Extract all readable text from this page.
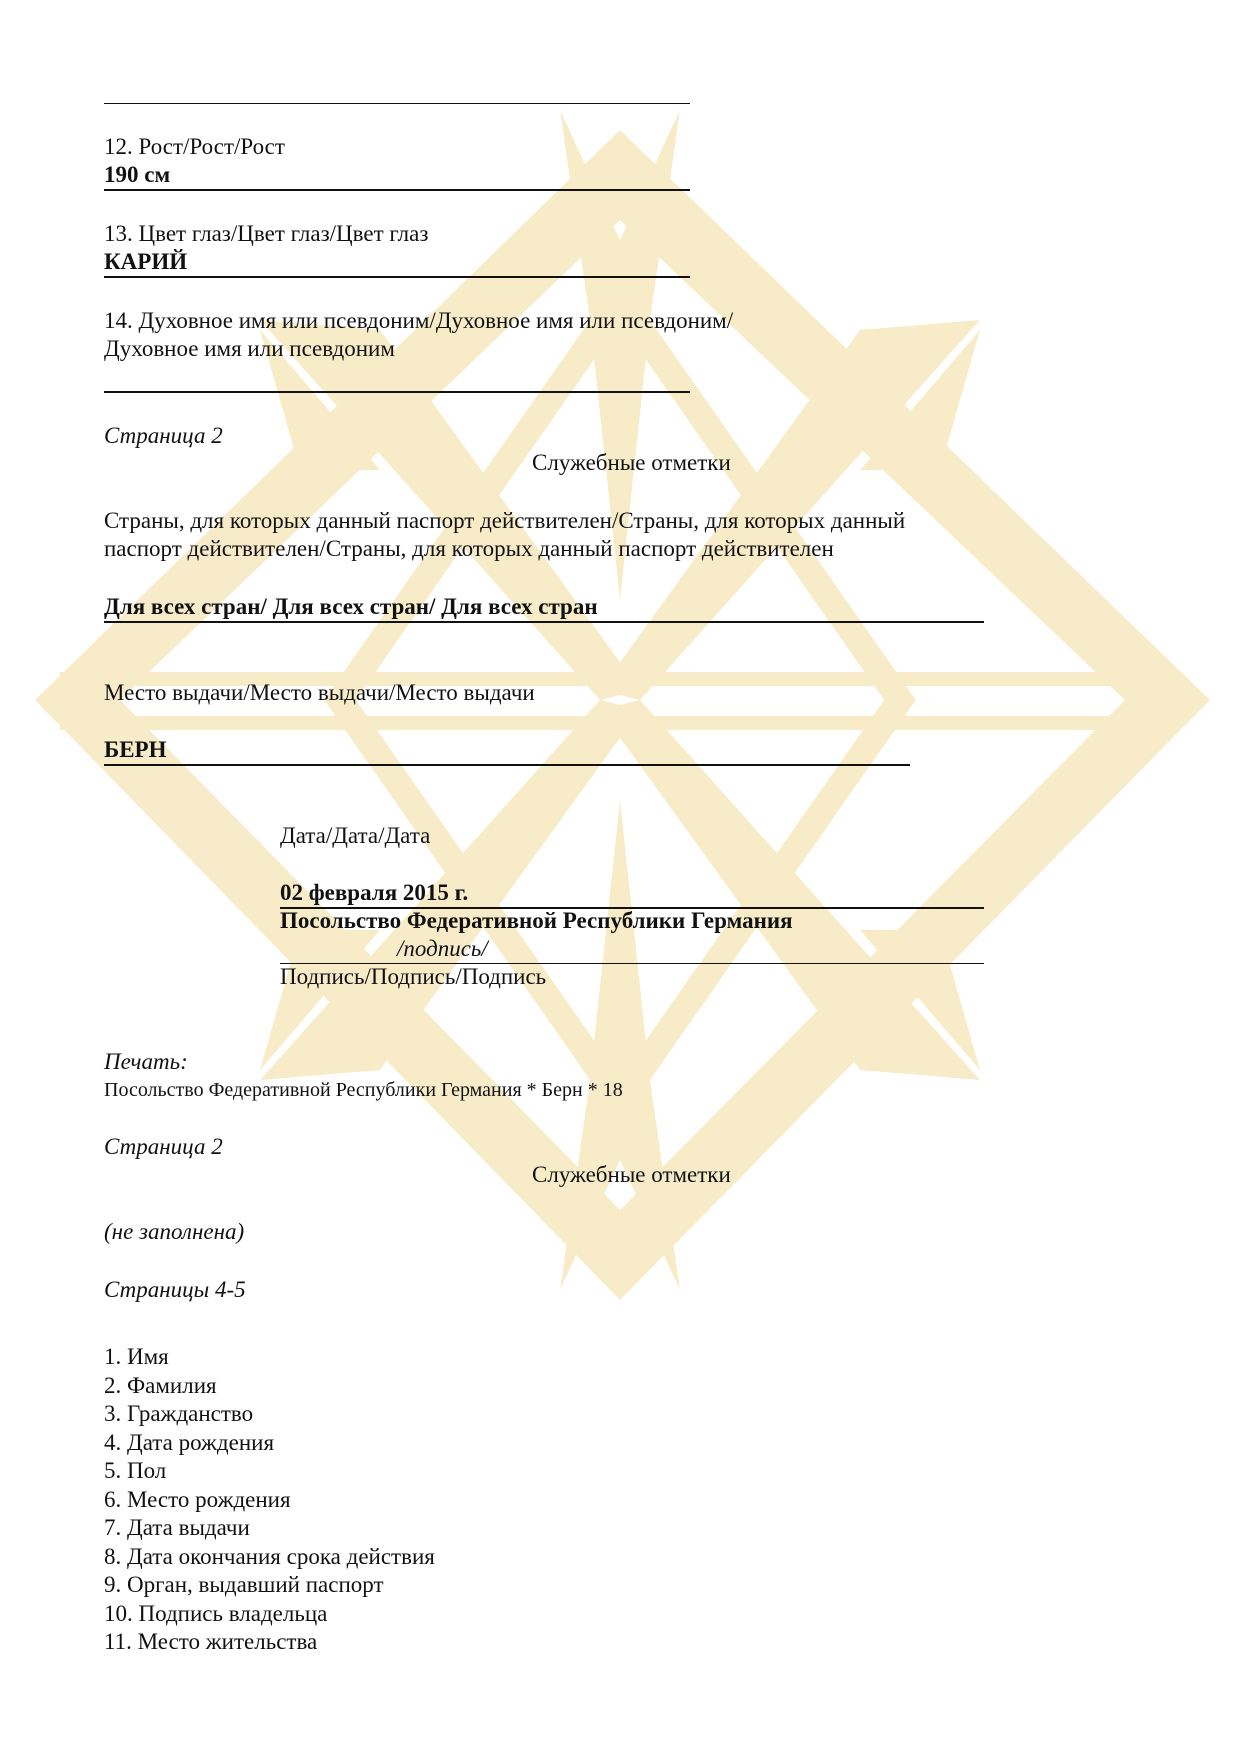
12. Рост/Рост/Рост
190 см
13. Цвет глаз/Цвет глаз/Цвет глаз
КАРИЙ
14. Духовное имя или псевдоним/Духовное имя или псевдоним/
Духовное имя или псевдоним
Страница 2
Служебные отметки
Страны, для которых данный паспорт действителен/Страны, для которых данный
паспорт действителен/Страны, для которых данный паспорт действителен
Для всех стран/ Для всех стран/ Для всех стран
Место выдачи/Место выдачи/Место выдачи
БЕРН
Дата/Дата/Дата
02 февраля 2015 г.
Посольство Федеративной Республики Германия
/подпись/
Подпись/Подпись/Подпись
Печать:
Посольство Федеративной Республики Германия * Берн * 18
Страница 2
Служебные отметки
(не заполнена)
Страницы 4-5
1. Имя
2. Фамилия
3. Гражданство
4. Дата рождения
5. Пол
6. Место рождения
7. Дата выдачи
8. Дата окончания срока действия
9. Орган, выдавший паспорт
10. Подпись владельца
11. Место жительства
